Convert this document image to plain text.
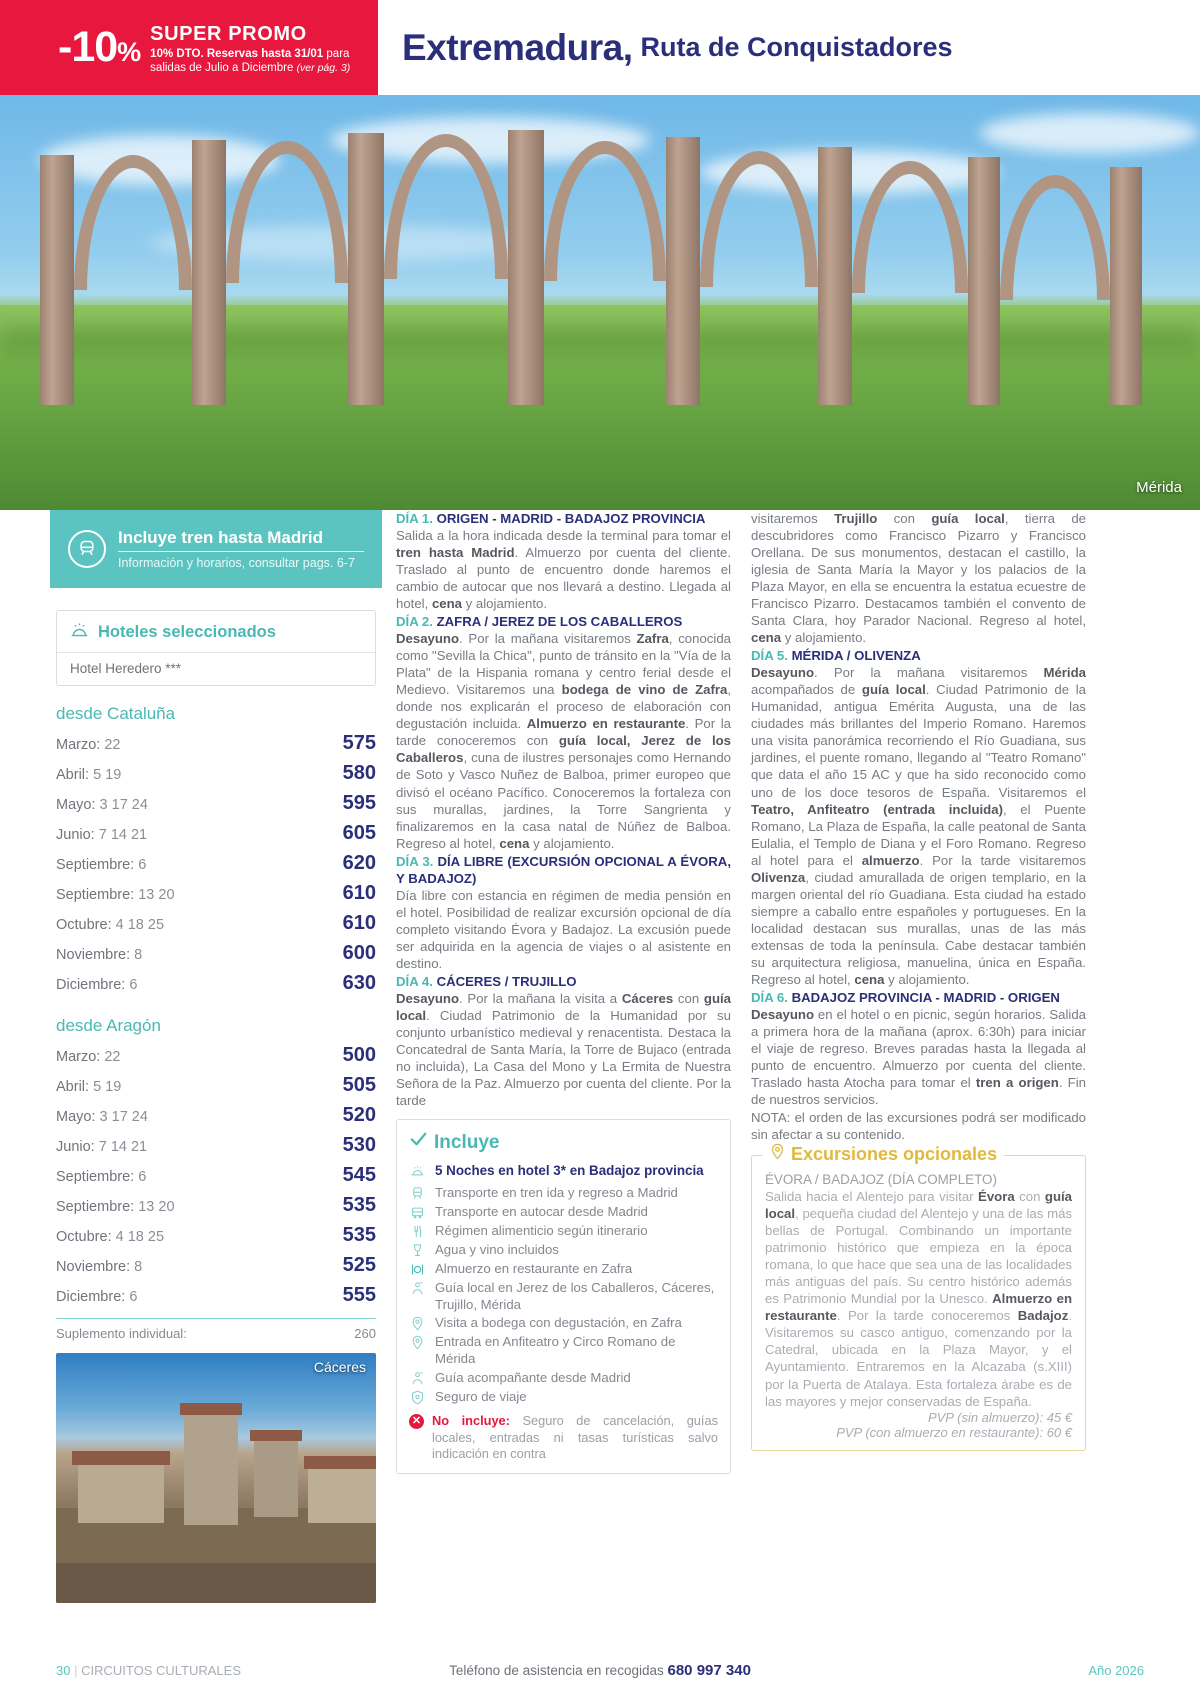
-10%
SUPER PROMO
10% DTO. Reservas hasta 31/01 para salidas de Julio a Diciembre (ver pág. 3)
Extremadura, Ruta de Conquistadores
Mérida
Incluye tren hasta Madrid
Información y horarios, consultar pags. 6-7
Hoteles seleccionados
Hotel Heredero ***
desde Cataluña
Marzo: 22	575
Abril: 5 19	580
Mayo: 3 17 24	595
Junio: 7 14 21	605
Septiembre: 6	620
Septiembre: 13 20	610
Octubre: 4 18 25	610
Noviembre: 8	600
Diciembre: 6	630
desde Aragón
Marzo: 22	500
Abril: 5 19	505
Mayo: 3 17 24	520
Junio: 7 14 21	530
Septiembre: 6	545
Septiembre: 13 20	535
Octubre: 4 18 25	535
Noviembre: 8	525
Diciembre: 6	555
Suplemento individual:	260
Cáceres

DÍA 1. ORIGEN - MADRID - BADAJOZ PROVINCIA
Salida a la hora indicada desde la terminal para tomar el tren hasta Madrid. Almuerzo por cuenta del cliente. Traslado al punto de encuentro donde haremos el cambio de autocar que nos llevará a destino. Llegada al hotel, cena y alojamiento.

DÍA 2. ZAFRA / JEREZ DE LOS CABALLEROS
Desayuno. Por la mañana visitaremos Zafra, conocida como "Sevilla la Chica", punto de tránsito en la "Vía de la Plata" de la Hispania romana y centro ferial desde el Medievo. Visitaremos una bodega de vino de Zafra, donde nos explicarán el proceso de elaboración con degustación incluida. Almuerzo en restaurante. Por la tarde conoceremos con guía local, Jerez de los Caballeros, cuna de ilustres personajes como Hernando de Soto y Vasco Nuñez de Balboa, primer europeo que divisó el océano Pacífico. Conoceremos la fortaleza con sus murallas, jardines, la Torre Sangrienta y finalizaremos en la casa natal de Núñez de Balboa. Regreso al hotel, cena y alojamiento.

DÍA 3. DÍA LIBRE (EXCURSIÓN OPCIONAL A ÉVORA, Y BADAJOZ)
Día libre con estancia en régimen de media pensión en el hotel. Posibilidad de realizar excursión opcional de día completo visitando Évora y Badajoz. La excusión puede ser adquirida en la agencia de viajes o al asistente en destino.

DÍA 4. CÁCERES / TRUJILLO
Desayuno. Por la mañana la visita a Cáceres con guía local. Ciudad Patrimonio de la Humanidad por su conjunto urbanístico medieval y renacentista. Destaca la Concatedral de Santa María, la Torre de Bujaco (entrada no incluida), La Casa del Mono y La Ermita de Nuestra Señora de la Paz. Almuerzo por cuenta del cliente. Por la tarde

Incluye
5 Noches en hotel 3* en Badajoz provincia
Transporte en tren ida y regreso a Madrid
Transporte en autocar desde Madrid
Régimen alimenticio según itinerario
Agua y vino incluidos
Almuerzo en restaurante en Zafra
Guía local en Jerez de los Caballeros, Cáceres, Trujillo, Mérida
Visita a bodega con degustación, en Zafra
Entrada en Anfiteatro y Circo Romano de Mérida
Guía acompañante desde Madrid
Seguro de viaje
✕ No incluye: Seguro de cancelación, guías locales, entradas ni tasas turísticas salvo indicación en contra

visitaremos Trujillo con guía local, tierra de descubridores como Francisco Pizarro y Francisco Orellana. De sus monumentos, destacan el castillo, la iglesia de Santa María la Mayor y los palacios de la Plaza Mayor, en ella se encuentra la estatua ecuestre de Francisco Pizarro. Destacamos también el convento de Santa Clara, hoy Parador Nacional. Regreso al hotel, cena y alojamiento.

DÍA 5. MÉRIDA / OLIVENZA
Desayuno. Por la mañana visitaremos Mérida acompañados de guía local. Ciudad Patrimonio de la Humanidad, antigua Emérita Augusta, una de las ciudades más brillantes del Imperio Romano. Haremos una visita panorámica recorriendo el Río Guadiana, sus jardines, el puente romano, llegando al "Teatro Romano" que data el año 15 AC y que ha sido reconocido como uno de los doce tesoros de España. Visitaremos el Teatro, Anfiteatro (entrada incluida), el Puente Romano, La Plaza de España, la calle peatonal de Santa Eulalia, el Templo de Diana y el Foro Romano. Regreso al hotel para el almuerzo. Por la tarde visitaremos Olivenza, ciudad amurallada de origen templario, en la margen oriental del río Guadiana. Esta ciudad ha estado siempre a caballo entre españoles y portugueses. En la localidad destacan sus murallas, unas de las más extensas de toda la península. Cabe destacar también su arquitectura religiosa, manuelina, única en España. Regreso al hotel, cena y alojamiento.

DÍA 6. BADAJOZ PROVINCIA - MADRID - ORIGEN
Desayuno en el hotel o en picnic, según horarios. Salida a primera hora de la mañana (aprox. 6:30h) para iniciar el viaje de regreso. Breves paradas hasta la llegada al punto de encuentro. Almuerzo por cuenta del cliente. Traslado hasta Atocha para tomar el tren a origen. Fin de nuestros servicios.

NOTA: el orden de las excursiones podrá ser modificado sin afectar a su contenido.

Excursiones opcionales
ÉVORA / BADAJOZ (DÍA COMPLETO)
Salida hacia el Alentejo para visitar Évora con guía local, pequeña ciudad del Alentejo y una de las más bellas de Portugal. Combinando un importante patrimonio histórico que empieza en la época romana, lo que hace que sea una de las localidades más antiguas del país. Su centro histórico además es Patrimonio Mundial por la Unesco. Almuerzo en restaurante. Por la tarde conoceremos Badajoz. Visitaremos su casco antiguo, comenzando por la Catedral, ubicada en la Plaza Mayor, y el Ayuntamiento. Entraremos en la Alcazaba (s.XIII) por la Puerta de Atalaya. Esta fortaleza árabe es de las mayores y mejor conservadas de España.
PVP (sin almuerzo): 45 €
PVP (con almuerzo en restaurante): 60 €
30 | CIRCUITOS CULTURALES	Teléfono de asistencia en recogidas 680 997 340	Año 2026
